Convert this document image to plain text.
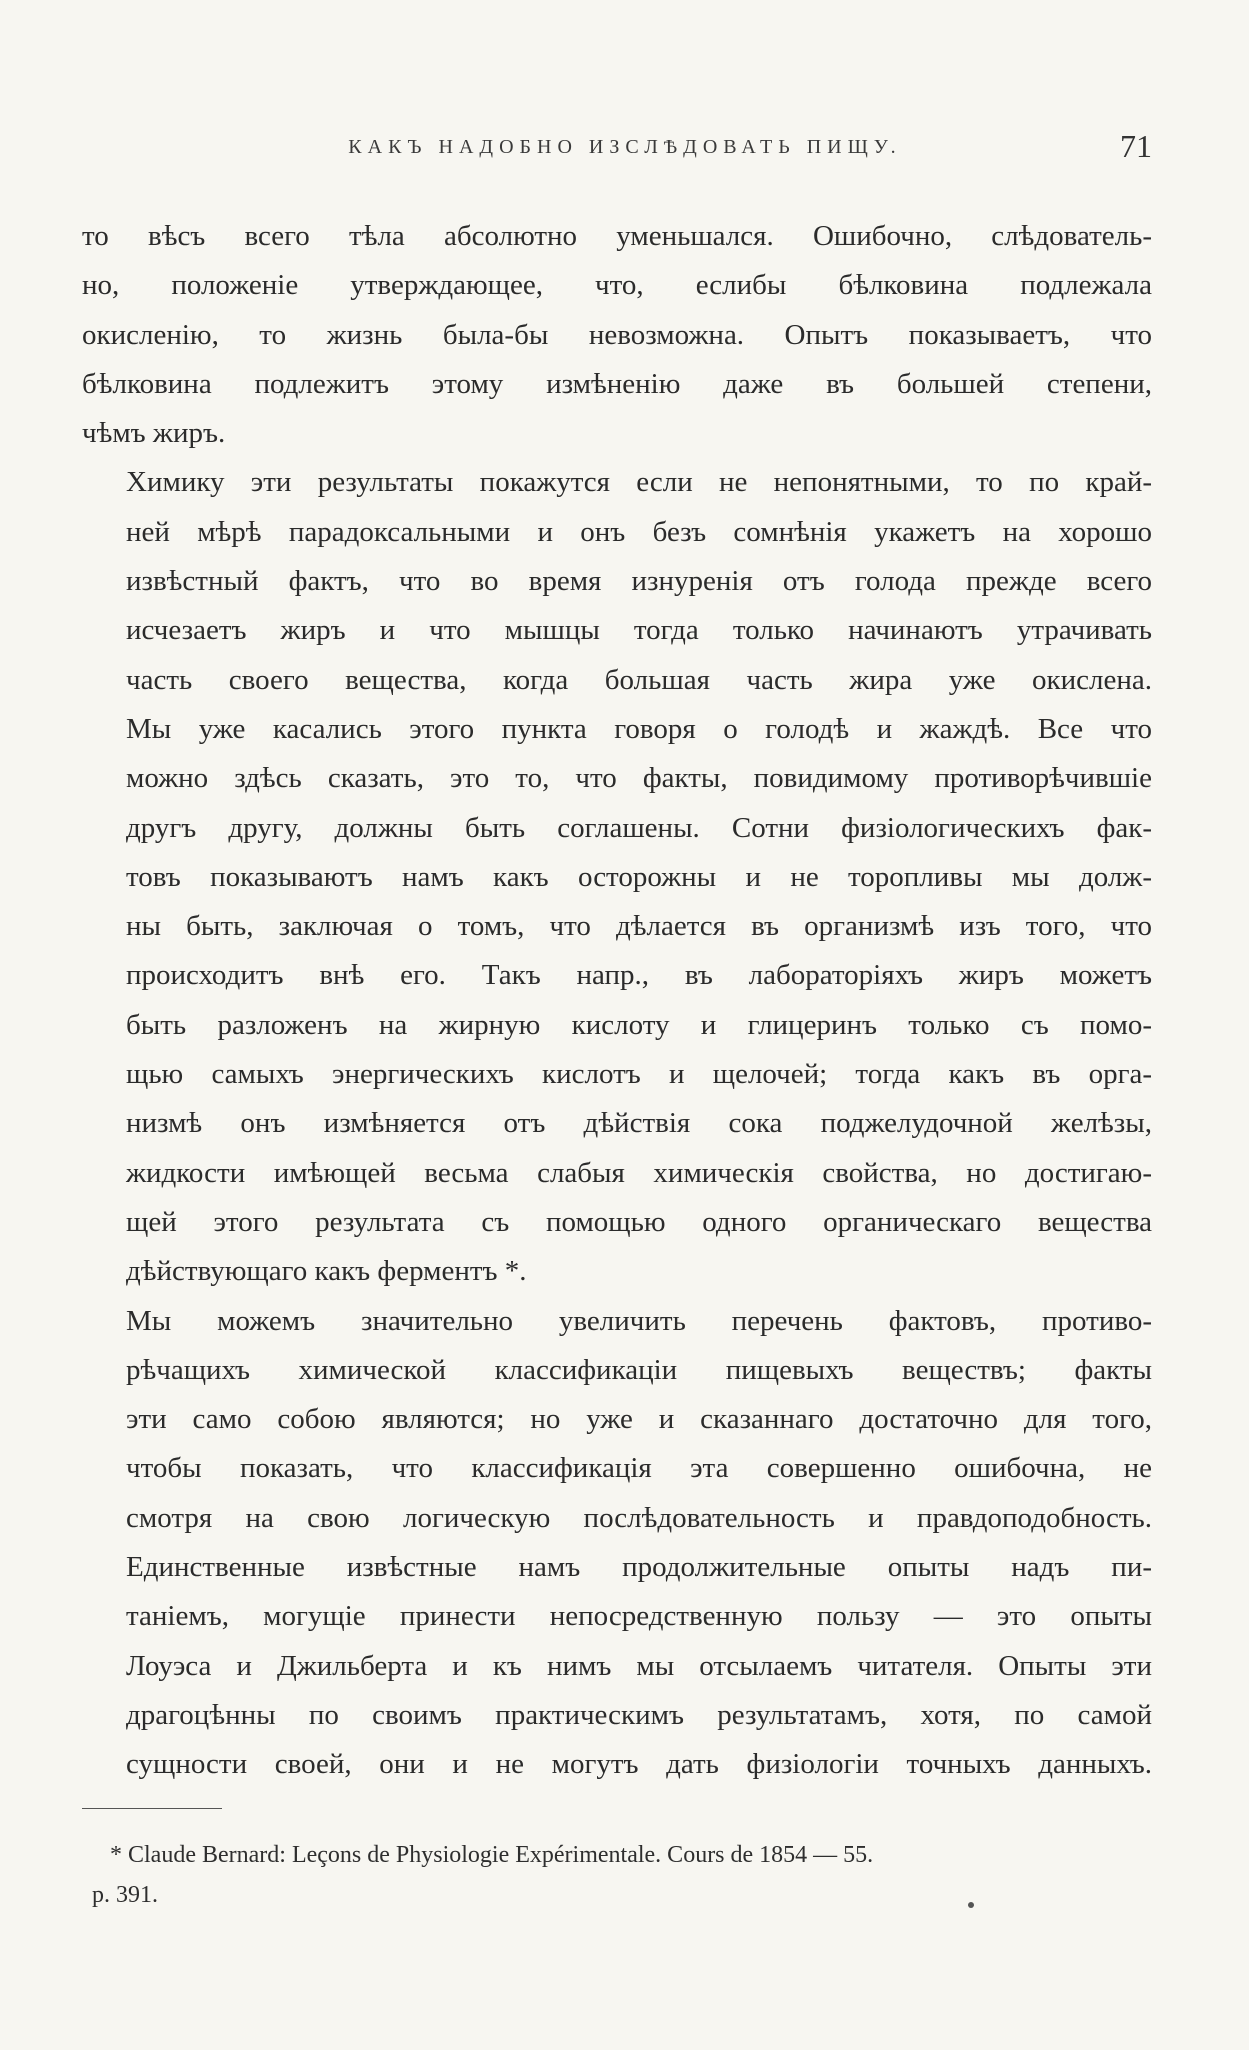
КАКЪ НАДОБНО ИЗСЛѢДОВАТЬ ПИЩУ.	71

то вѣсъ всего тѣла абсолютно уменьшался. Ошибочно, слѣдователь-
но, положеніе утверждающее, что, еслибы бѣлковина подлежала
окисленію, то жизнь была-бы невозможна. Опытъ показываетъ, что
бѣлковина подлежитъ этому измѣненію даже въ большей степени,
чѣмъ жиръ.

Химику эти результаты покажутся если не непонятными, то по край-
ней мѣрѣ парадоксальными и онъ безъ сомнѣнія укажетъ на хорошо
извѣстный фактъ, что во время изнуренія отъ голода прежде всего
исчезаетъ жиръ и что мышцы тогда только начинаютъ утрачивать
часть своего вещества, когда большая часть жира уже окислена.
Мы уже касались этого пункта говоря о голодѣ и жаждѣ. Все что
можно здѣсь сказать, это то, что факты, повидимому противорѣчившіе
другъ другу, должны быть соглашены. Сотни физіологическихъ фак-
товъ показываютъ намъ какъ осторожны и не торопливы мы долж-
ны быть, заключая о томъ, что дѣлается въ организмѣ изъ того, что
происходитъ внѣ его. Такъ напр., въ лабораторіяхъ жиръ можетъ
быть разложенъ на жирную кислоту и глицеринъ только съ помо-
щью самыхъ энергическихъ кислотъ и щелочей; тогда какъ въ орга-
низмѣ онъ измѣняется отъ дѣйствія сока поджелудочной желѣзы,
жидкости имѣющей весьма слабыя химическія свойства, но достигаю-
щей этого результата съ помощью одного органическаго вещества
дѣйствующаго какъ ферментъ *.

Мы можемъ значительно увеличить перечень фактовъ, противо-
рѣчащихъ химической классификаціи пищевыхъ веществъ; факты
эти само собою являются; но уже и сказаннаго достаточно для того,
чтобы показать, что классификація эта совершенно ошибочна, не
смотря на свою логическую послѣдовательность и правдоподобность.

Единственные извѣстные намъ продолжительные опыты надъ пи-
таніемъ, могущіе принести непосредственную пользу — это опыты
Лоуэса и Джильберта и къ нимъ мы отсылаемъ читателя. Опыты эти
драгоцѣнны по своимъ практическимъ результатамъ, хотя, по самой
сущности своей, они и не могутъ дать физіологіи точныхъ данныхъ.

* Claude Bernard: Leçons de Physiologie Expérimentale. Cours de 1854 — 55.
p. 391.
